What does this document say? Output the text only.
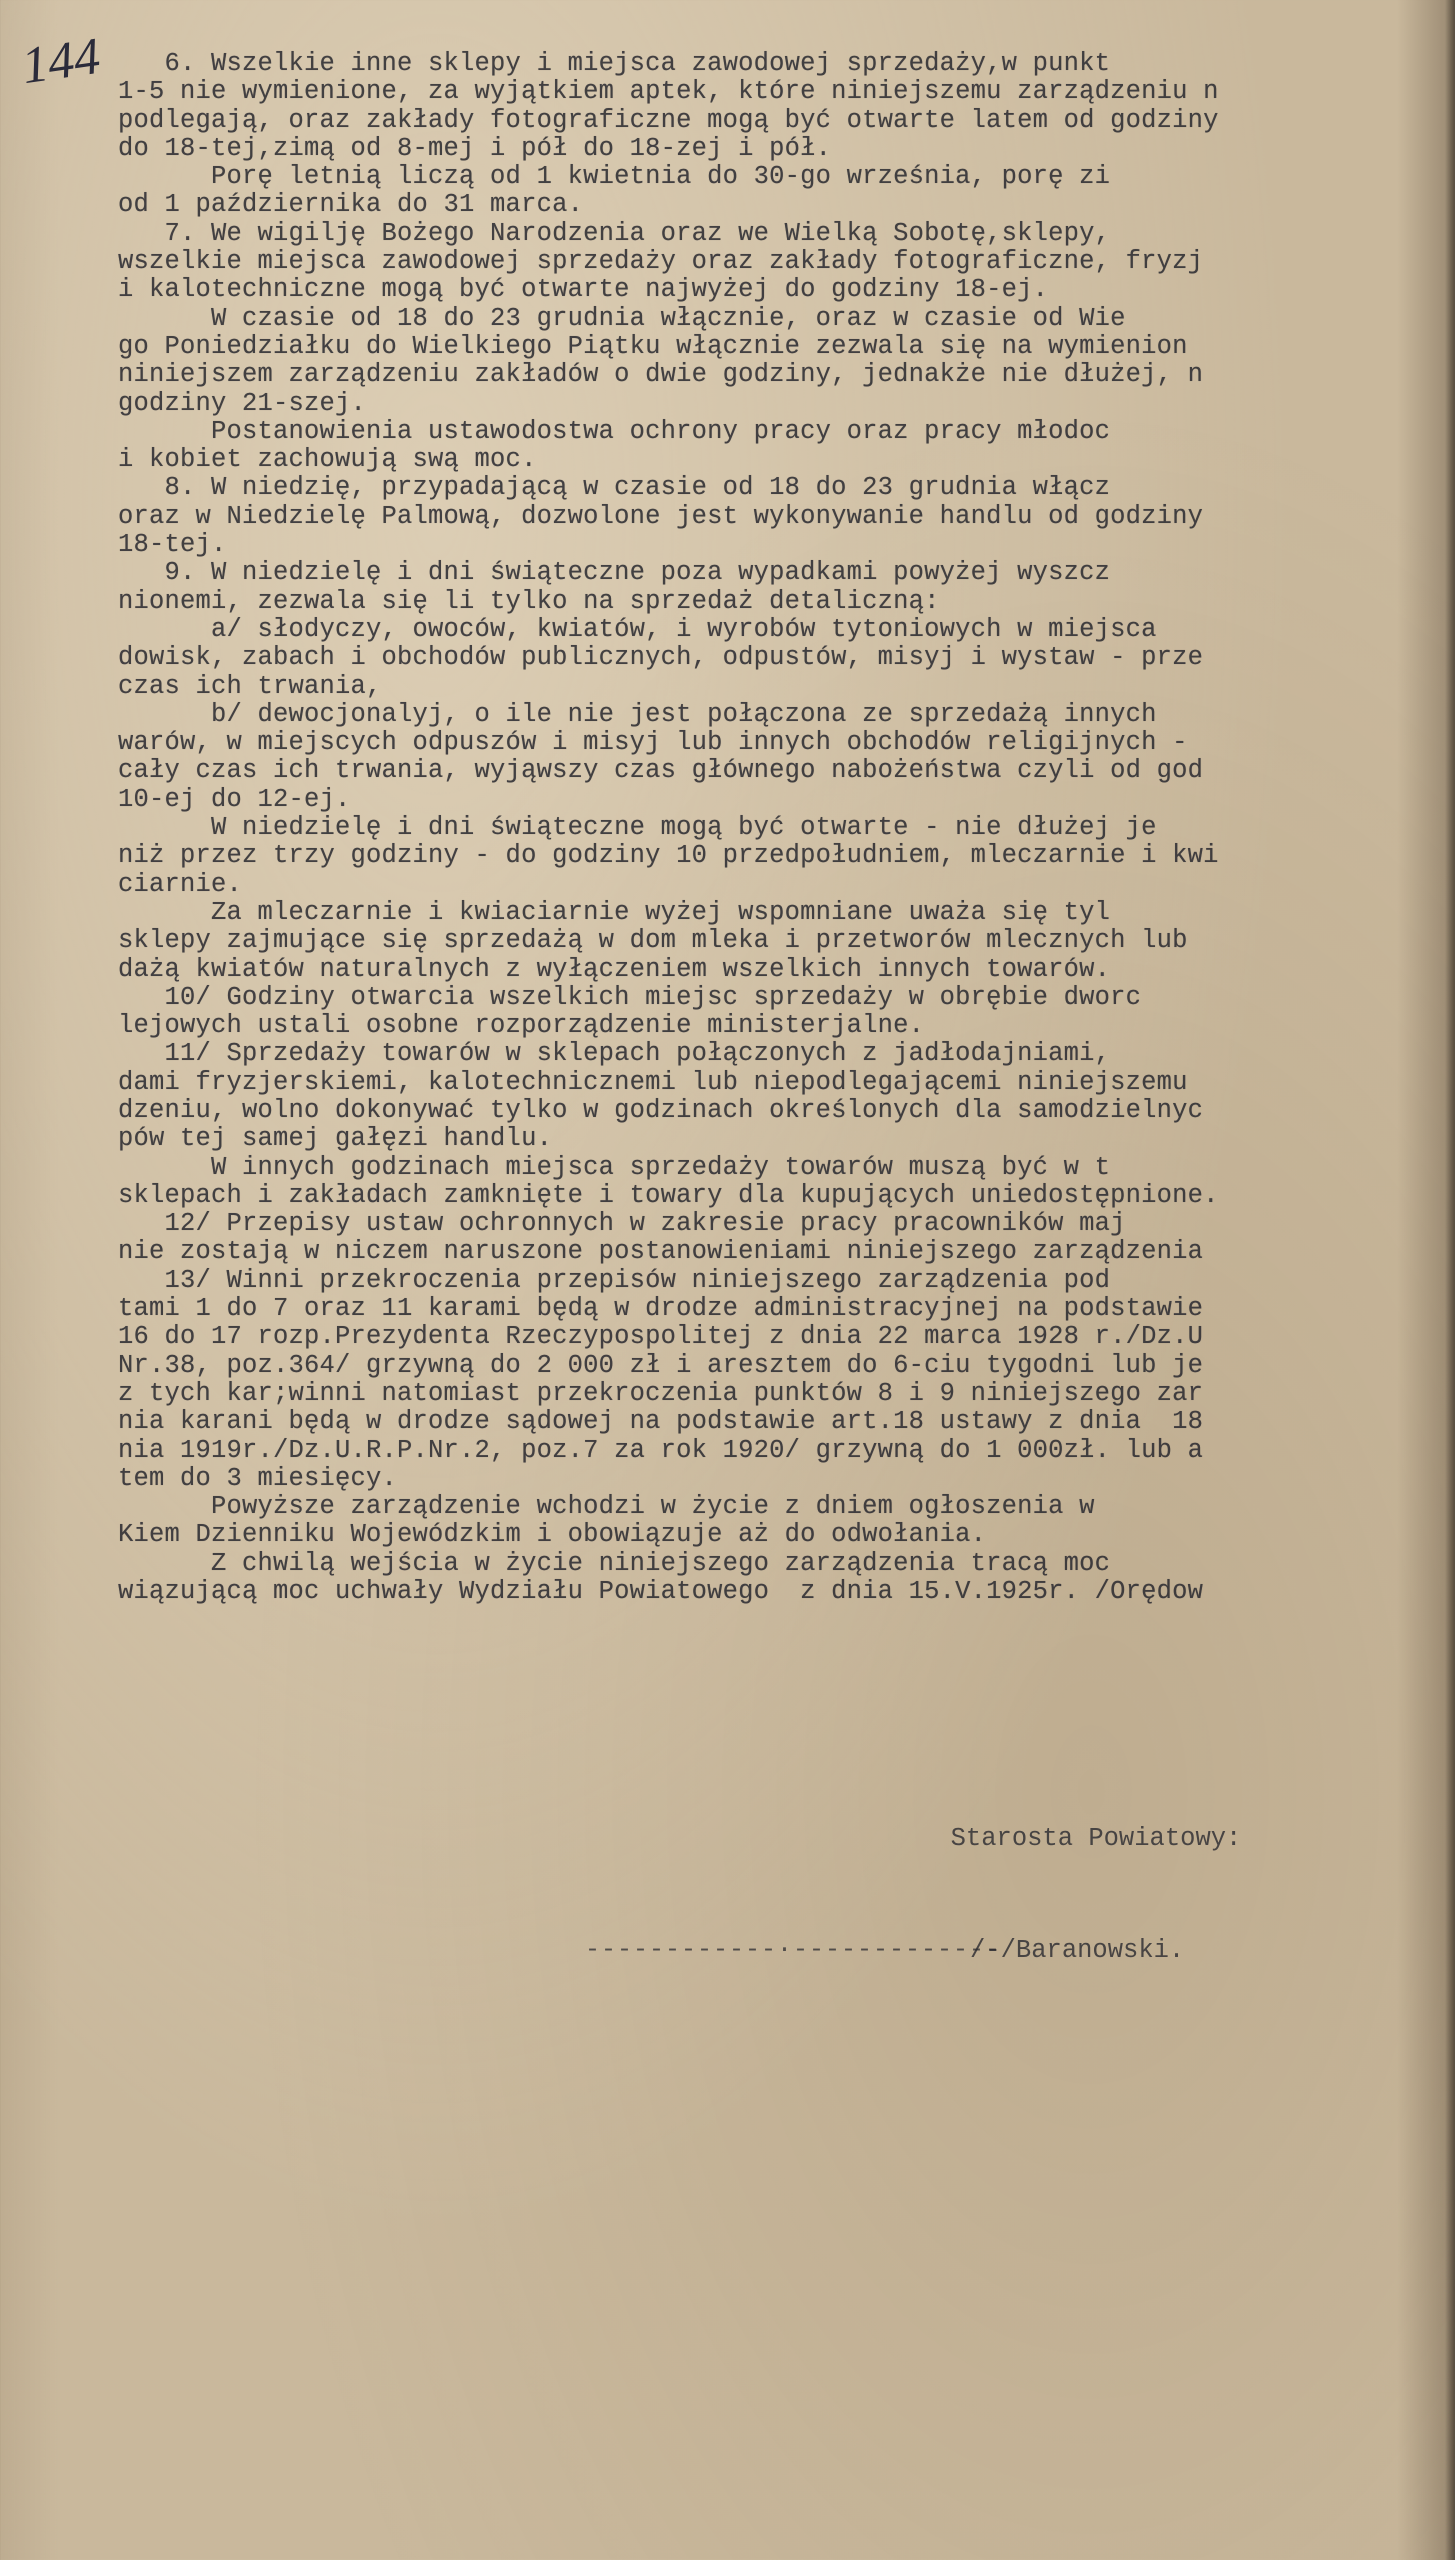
144 6. Wszelkie inne sklepy i miejsca zawodowej sprzedaży,w punkt
1-5 nie wymienione, za wyjątkiem aptek, które niniejszemu zarządzeniu n
podlegają, oraz zakłady fotograficzne mogą być otwarte latem od godziny
do 18-tej,zimą od 8-mej i pół do 18-zej i pół.
Porę letnią liczą od 1 kwietnia do 30-go września, porę zi
od 1 października do 31 marca.
7. We wigilję Bożego Narodzenia oraz we Wielką Sobotę,sklepy,
wszelkie miejsca zawodowej sprzedaży oraz zakłady fotograficzne, fryzj
i kalotechniczne mogą być otwarte najwyżej do godziny 18-ej.
W czasie od 18 do 23 grudnia włącznie, oraz w czasie od Wie
go Poniedziałku do Wielkiego Piątku włącznie zezwala się na wymienion
niniejszem zarządzeniu zakładów o dwie godziny, jednakże nie dłużej, n
godziny 21-szej.
Postanowienia ustawodostwa ochrony pracy oraz pracy młodoc
i kobiet zachowują swą moc.
8. W niedzię, przypadającą w czasie od 18 do 23 grudnia włącz
oraz w Niedzielę Palmową, dozwolone jest wykonywanie handlu od godziny
18-tej.
9. W niedzielę i dni świąteczne poza wypadkami powyżej wyszcz
nionemi, zezwala się li tylko na sprzedaż detaliczną:
a/ słodyczy, owoców, kwiatów, i wyrobów tytoniowych w miejsca
dowisk, zabach i obchodów publicznych, odpustów, misyj i wystaw - prze
czas ich trwania,
b/ dewocjonalyj, o ile nie jest połączona ze sprzedażą innych
warów, w miejscych odpuszów i misyj lub innych obchodów religijnych -
cały czas ich trwania, wyjąwszy czas głównego nabożeństwa czyli od god
10-ej do 12-ej.
W niedzielę i dni świąteczne mogą być otwarte - nie dłużej je
niż przez trzy godziny - do godziny 10 przedpołudniem, mleczarnie i kwi
ciarnie.
Za mleczarnie i kwiaciarnie wyżej wspomniane uważa się tyl
sklepy zajmujące się sprzedażą w dom mleka i przetworów mlecznych lub
dażą kwiatów naturalnych z wyłączeniem wszelkich innych towarów.
10/ Godziny otwarcia wszelkich miejsc sprzedaży w obrębie dworc
lejowych ustali osobne rozporządzenie ministerjalne.
11/ Sprzedaży towarów w sklepach połączonych z jadłodajniami,
dami fryzjerskiemi, kalotechnicznemi lub niepodlegającemi niniejszemu
dzeniu, wolno dokonywać tylko w godzinach określonych dla samodzielnyc
pów tej samej gałęzi handlu.
W innych godzinach miejsca sprzedaży towarów muszą być w t
sklepach i zakładach zamknięte i towary dla kupujących uniedostępnione.
12/ Przepisy ustaw ochronnych w zakresie pracy pracowników maj
nie zostają w niczem naruszone postanowieniami niniejszego zarządzenia
13/ Winni przekroczenia przepisów niniejszego zarządzenia pod
tami 1 do 7 oraz 11 karami będą w drodze administracyjnej na podstawie
16 do 17 rozp.Prezydenta Rzeczypospolitej z dnia 22 marca 1928 r./Dz.U
Nr.38, poz.364/ grzywną do 2 000 zł i aresztem do 6-ciu tygodni lub je
z tych kar;winni natomiast przekroczenia punktów 8 i 9 niniejszego zar
nia karani będą w drodze sądowej na podstawie art.18 ustawy z dnia  18
nia 1919r./Dz.U.R.P.Nr.2, poz.7 za rok 1920/ grzywną do 1 000zł. lub a
tem do 3 miesięcy.
Powyższe zarządzenie wchodzi w życie z dniem ogłoszenia w
Kiem Dzienniku Wojewódzkim i obowiązuje aż do odwołania.
Z chwilą wejścia w życie niniejszego zarządzenia tracą moc
wiązującą moc uchwały Wydziału Powiatowego  z dnia 15.V.1925r. /Orędow

Starosta Powiatowy:

/-/Baranowski.

------------·-------------
